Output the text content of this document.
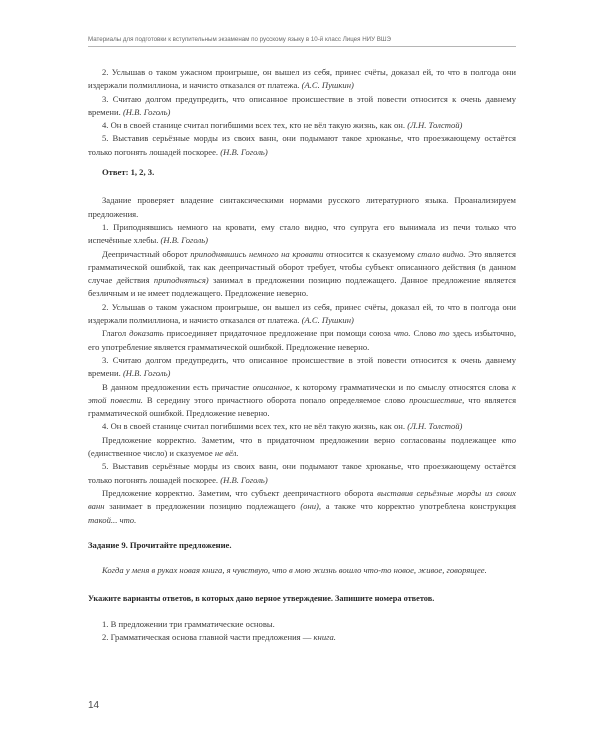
Материалы для подготовки к вступительным экзаменам по русскому языку в 10-й класс Лицея НИУ ВШЭ

2. Услышав о таком ужасном проигрыше, он вышел из себя, принес счёты, доказал ей, то что в полгода они издержали полмиллиона, и начисто отказался от платежа. (А.С. Пушкин)

3. Считаю долгом предупредить, что описанное происшествие в этой повести относится к очень давнему времени. (Н.В. Гоголь)

4. Он в своей станице считал погибшими всех тех, кто не вёл такую жизнь, как он. (Л.Н. Толстой)

5. Выставив серьёзные морды из своих ванн, они подымают такое хрюканье, что проезжающему остаётся только погонять лошадей поскорее. (Н.В. Гоголь)

Ответ: 1, 2, 3.

Задание проверяет владение синтаксическими нормами русского литературного языка. Проанализируем предложения.

1. Приподнявшись немного на кровати, ему стало видно, что супруга его вынимала из печи только что испечённые хлебы. (Н.В. Гоголь)

Деепричастный оборот приподнявшись немного на кровати относится к сказуемому стало видно. Это является грамматической ошибкой, так как деепричастный оборот требует, чтобы субъект описанного действия (в данном случае действия приподняться) занимал в предложении позицию подлежащего. Данное предложение является безличным и не имеет подлежащего. Предложение неверно.

2. Услышав о таком ужасном проигрыше, он вышел из себя, принес счёты, доказал ей, то что в полгода они издержали полмиллиона, и начисто отказался от платежа. (А.С. Пушкин)

Глагол доказать присоединяет придаточное предложение при помощи союза что. Слово то здесь избыточно, его употребление является грамматической ошибкой. Предложение неверно.

3. Считаю долгом предупредить, что описанное происшествие в этой повести относится к очень давнему времени. (Н.В. Гоголь)

В данном предложении есть причастие описанное, к которому грамматически и по смыслу относятся слова к этой повести. В середину этого причастного оборота попало определяемое слово происшествие, что является грамматической ошибкой. Предложение неверно.

4. Он в своей станице считал погибшими всех тех, кто не вёл такую жизнь, как он. (Л.Н. Толстой)

Предложение корректно. Заметим, что в придаточном предложении верно согласованы подлежащее кто (единственное число) и сказуемое не вёл.

5. Выставив серьёзные морды из своих ванн, они подымают такое хрюканье, что проезжающему остаётся только погонять лошадей поскорее. (Н.В. Гоголь)

Предложение корректно. Заметим, что субъект деепричастного оборота выставив серьёзные морды из своих ванн занимает в предложении позицию подлежащего (они), а также что корректно употреблена конструкция такой... что.

Задание 9. Прочитайте предложение.

Когда у меня в руках новая книга, я чувствую, что в мою жизнь вошло что-то новое, живое, говорящее.

Укажите варианты ответов, в которых дано верное утверждение. Запишите номера ответов.

1. В предложении три грамматические основы.

2. Грамматическая основа главной части предложения — книга.

14
